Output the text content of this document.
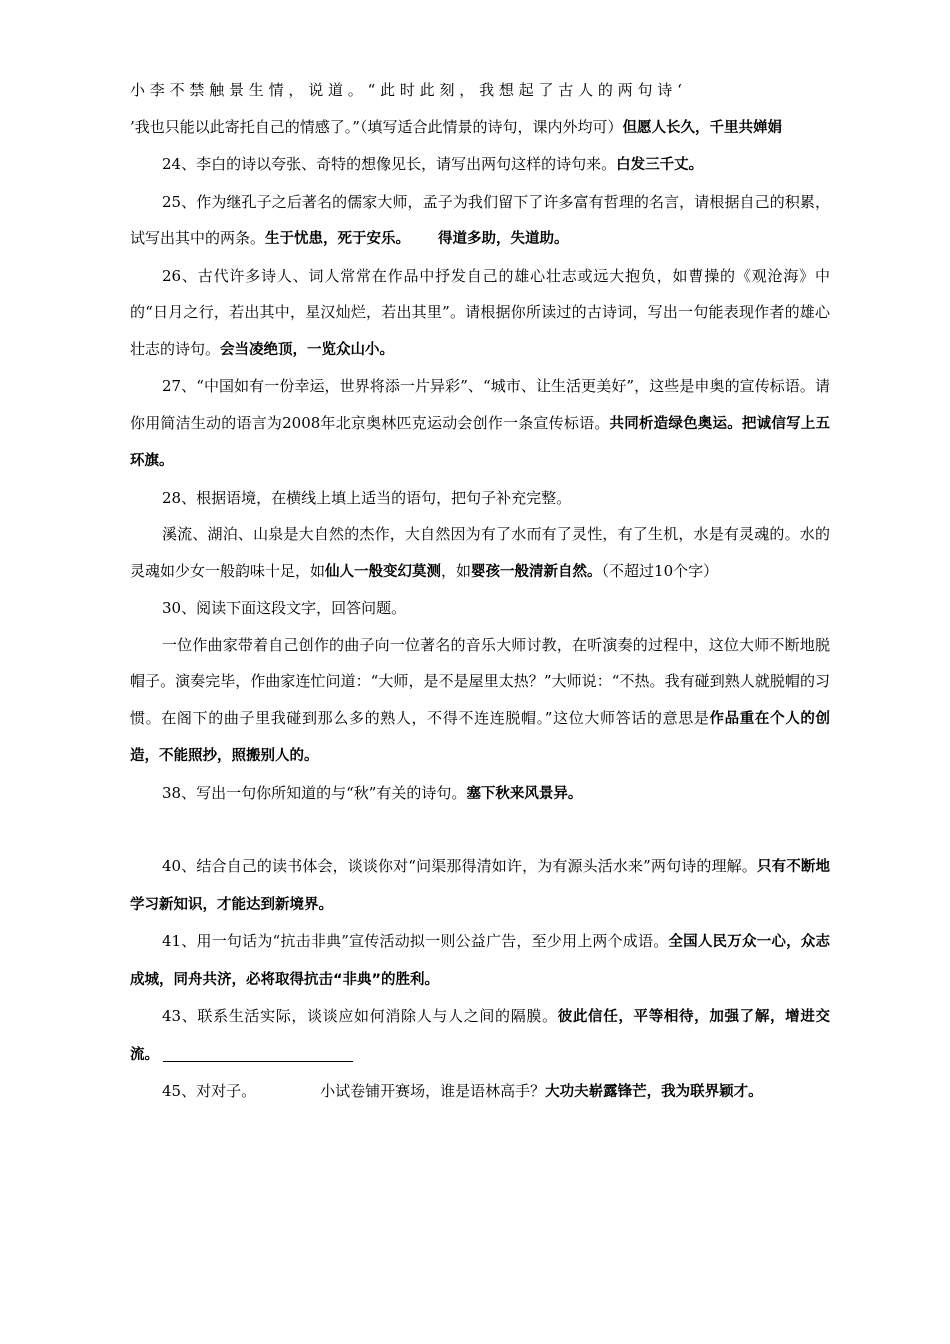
小李不禁触景生情，说道。“此时此刻，我想起了古人的两句诗‘

’我也只能以此寄托自己的情感了。”（填写适合此情景的诗句，课内外均可）但愿人长久，千里共婵娟

24、李白的诗以夸张、奇特的想像见长，请写出两句这样的诗句来。白发三千丈。

25、作为继孔子之后著名的儒家大师，孟子为我们留下了许多富有哲理的名言，请根据自己的积累，试写出其中的两条。生于忧患，死于安乐。 得道多助，失道助。

26、古代许多诗人、词人常常在作品中抒发自己的雄心壮志或远大抱负，如曹操的《观沧海》中的“日月之行，若出其中，星汉灿烂，若出其里”。请根据你所读过的古诗词，写出一句能表现作者的雄心壮志的诗句。会当凌绝顶，一览众山小。

27、“中国如有一份幸运，世界将添一片异彩”、“城市、让生活更美好”，这些是申奥的宣传标语。请你用简洁生动的语言为2008年北京奥林匹克运动会创作一条宣传标语。共同析造绿色奥运。把诚信写上五环旗。

28、根据语境，在横线上填上适当的语句，把句子补充完整。

溪流、湖泊、山泉是大自然的杰作，大自然因为有了水而有了灵性，有了生机，水是有灵魂的。水的灵魂如少女一般韵味十足，如仙人一般变幻莫测，如婴孩一般清新自然。（不超过10个字）

30、阅读下面这段文字，回答问题。

一位作曲家带着自己创作的曲子向一位著名的音乐大师讨教，在听演奏的过程中，这位大师不断地脱帽子。演奏完毕，作曲家连忙问道：“大师，是不是屋里太热？”大师说：“不热。我有碰到熟人就脱帽的习惯。在阁下的曲子里我碰到那么多的熟人，不得不连连脱帽。”这位大师答话的意思是作品重在个人的创造，不能照抄，照搬别人的。

38、写出一句你所知道的与“秋”有关的诗句。塞下秋来风景异。

40、结合自己的读书体会，谈谈你对“问渠那得清如许，为有源头活水来”两句诗的理解。只有不断地学习新知识，才能达到新境界。

41、用一句话为“抗击非典”宣传活动拟一则公益广告，至少用上两个成语。全国人民万众一心，众志成城，同舟共济，必将取得抗击“非典”的胜利。

43、联系生活实际，谈谈应如何消除人与人之间的隔膜。彼此信任，平等相待，加强了解，增进交流。

45、对对子。	小试卷铺开赛场，谁是语林高手？大功夫崭露锋芒，我为联界颖才。
